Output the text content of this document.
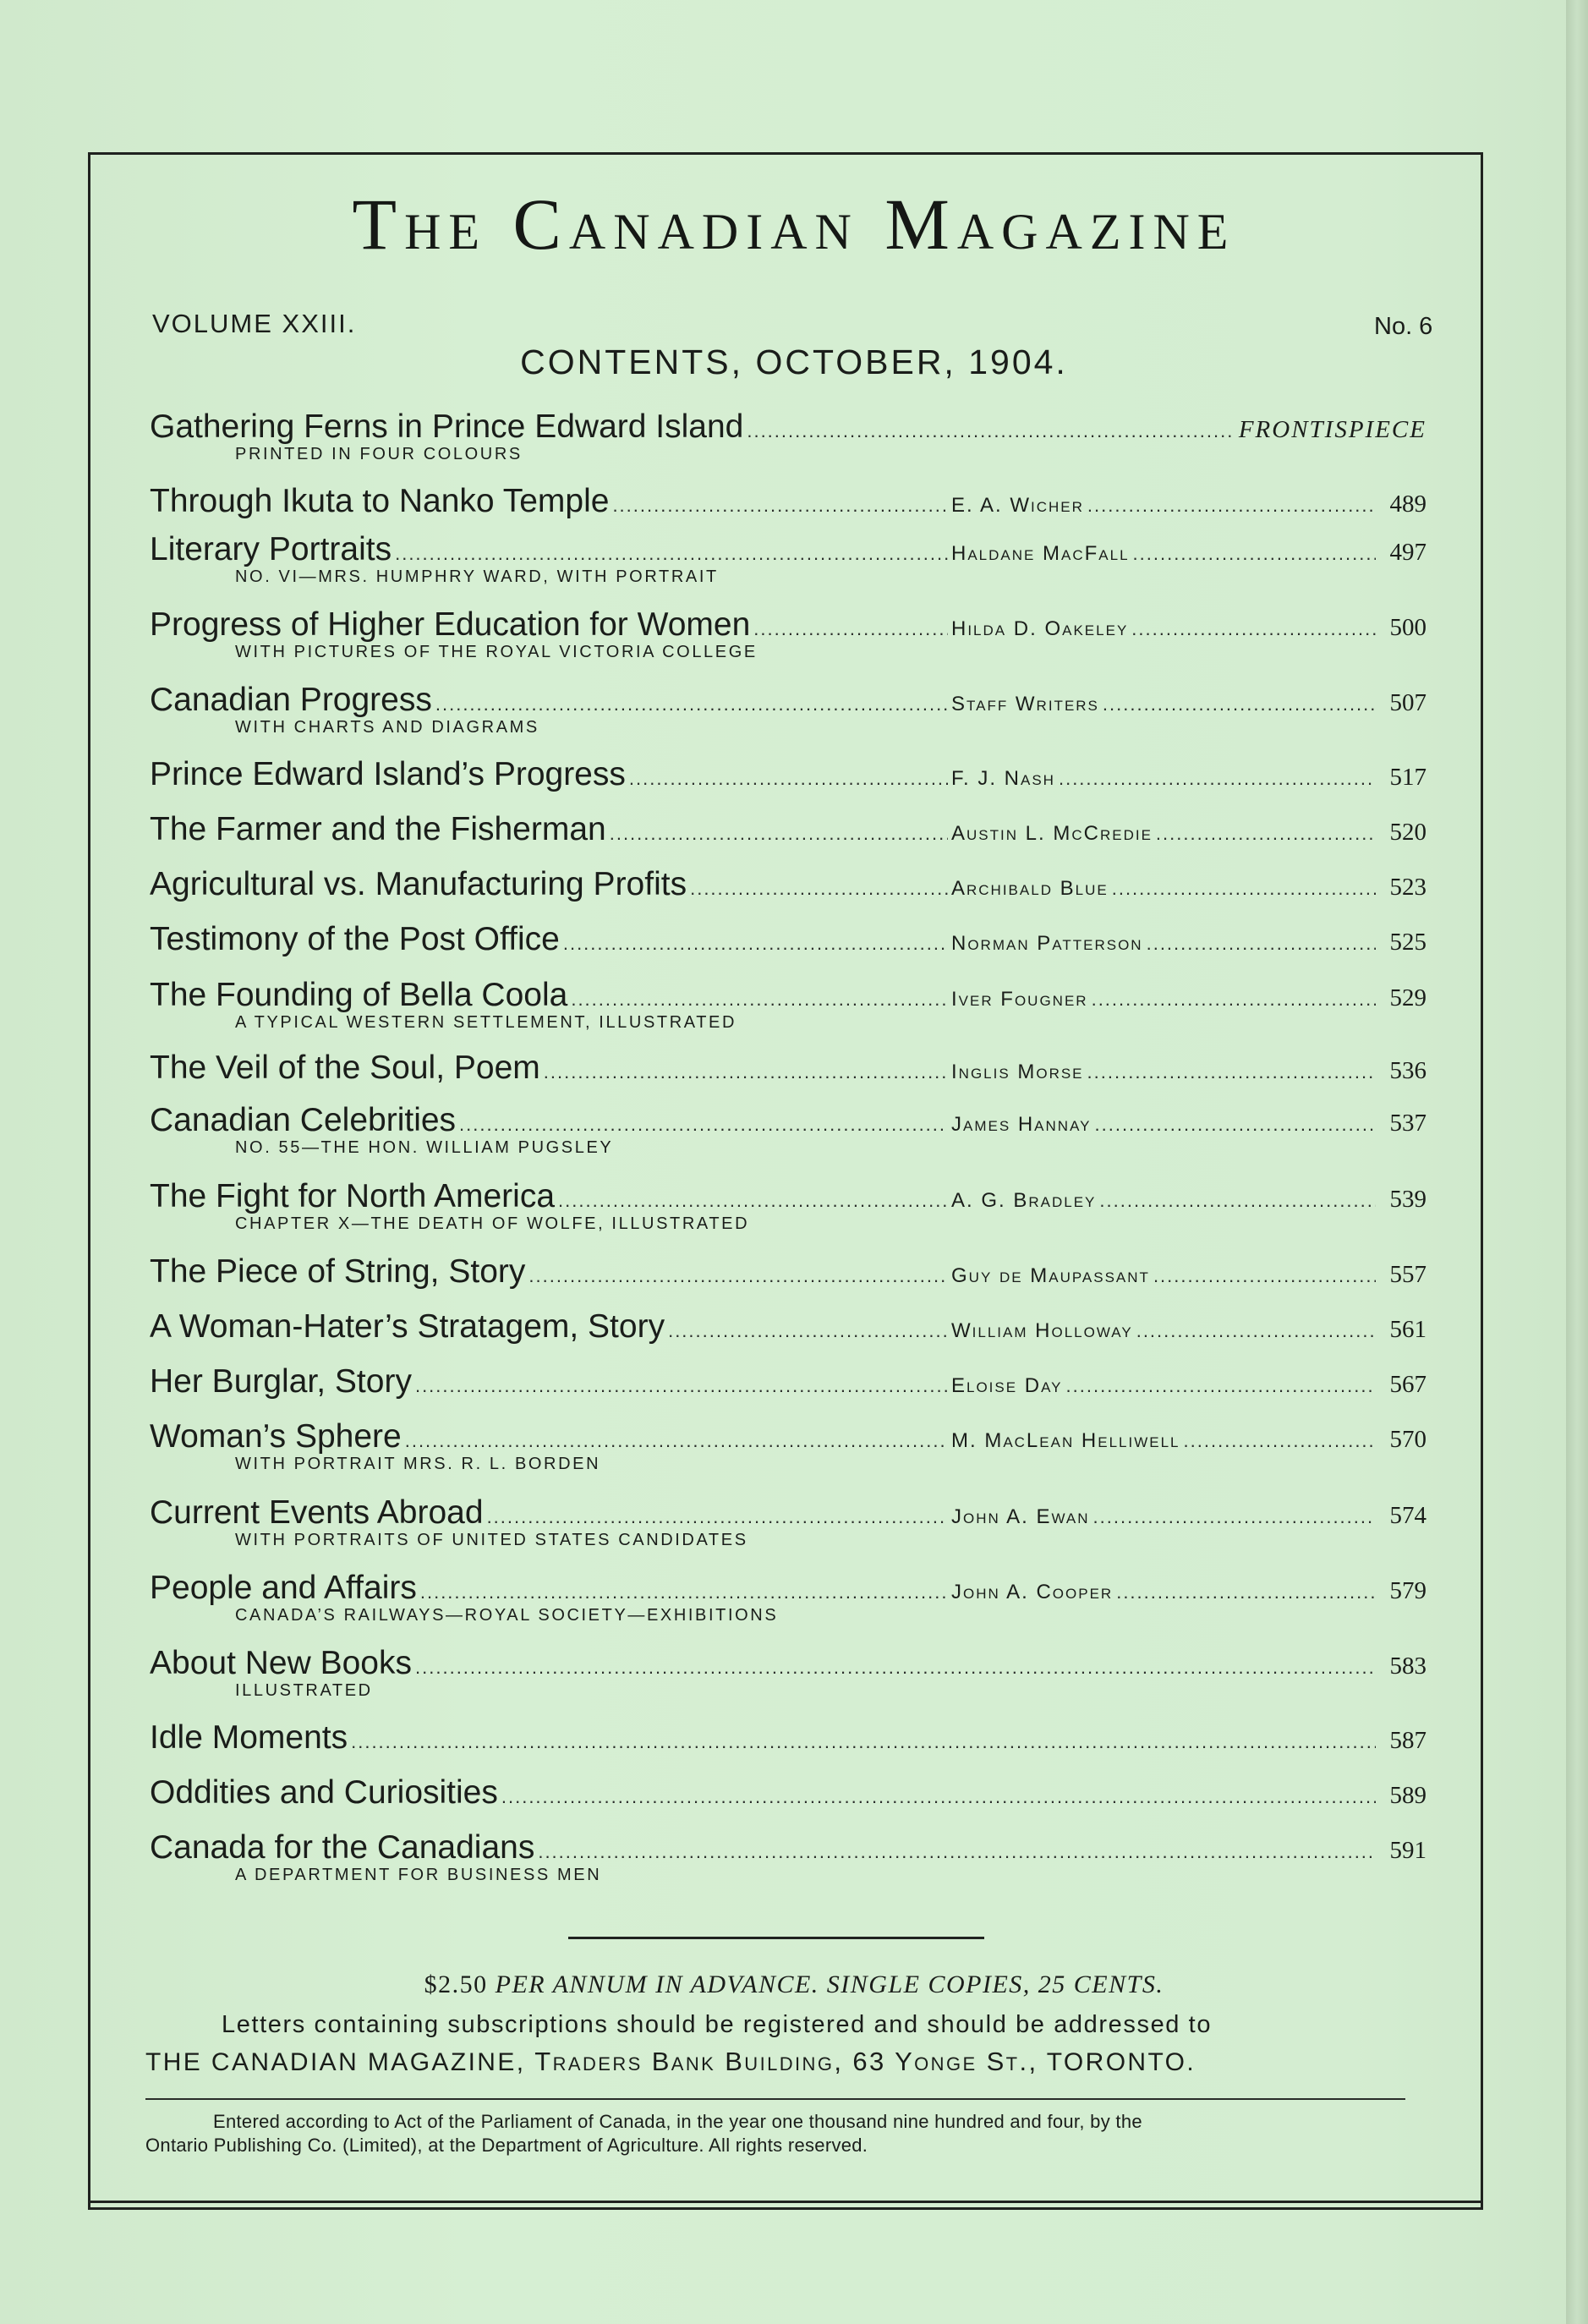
The Canadian Magazine
VOLUME XXIII.	No. 6
CONTENTS, OCTOBER, 1904.
Gathering Ferns in Prince Edward Island .....	FRONTISPIECE
PRINTED IN FOUR COLOURS
Through Ikuta to Nanko Temple .....	E. A. Wicher .....	489
Literary Portraits .....	Haldane MacFall .....	497
NO. VI—MRS. HUMPHRY WARD, WITH PORTRAIT
Progress of Higher Education for Women .....	Hilda D. Oakeley .....	500
WITH PICTURES OF THE ROYAL VICTORIA COLLEGE
Canadian Progress .....	Staff Writers .....	507
WITH CHARTS AND DIAGRAMS
Prince Edward Island’s Progress .....	F. J. Nash .....	517
The Farmer and the Fisherman .....	Austin L. McCredie .....	520
Agricultural vs. Manufacturing Profits .....	Archibald Blue .....	523
Testimony of the Post Office .....	Norman Patterson .....	525
The Founding of Bella Coola .....	Iver Fougner .....	529
A TYPICAL WESTERN SETTLEMENT, ILLUSTRATED
The Veil of the Soul, Poem .....	Inglis Morse .....	536
Canadian Celebrities .....	James Hannay .....	537
NO. 55—THE HON. WILLIAM PUGSLEY
The Fight for North America .....	A. G. Bradley .....	539
CHAPTER X—THE DEATH OF WOLFE, ILLUSTRATED
The Piece of String, Story .....	Guy de Maupassant .....	557
A Woman-Hater’s Stratagem, Story .....	William Holloway .....	561
Her Burglar, Story .....	Eloise Day .....	567
Woman’s Sphere .....	M. MacLean Helliwell .....	570
WITH PORTRAIT MRS. R. L. BORDEN
Current Events Abroad .....	John A. Ewan .....	574
WITH PORTRAITS OF UNITED STATES CANDIDATES
People and Affairs .....	John A. Cooper .....	579
CANADA’S RAILWAYS—ROYAL SOCIETY—EXHIBITIONS
About New Books .....	583
ILLUSTRATED
Idle Moments .....	587
Oddities and Curiosities .....	589
Canada for the Canadians .....	591
A DEPARTMENT FOR BUSINESS MEN
$2.50 PER ANNUM IN ADVANCE. SINGLE COPIES, 25 CENTS.
Letters containing subscriptions should be registered and should be addressed to
THE CANADIAN MAGAZINE, Traders Bank Building, 63 Yonge St., TORONTO.
Entered according to Act of the Parliament of Canada, in the year one thousand nine hundred and four, by the
Ontario Publishing Co. (Limited), at the Department of Agriculture. All rights reserved.
